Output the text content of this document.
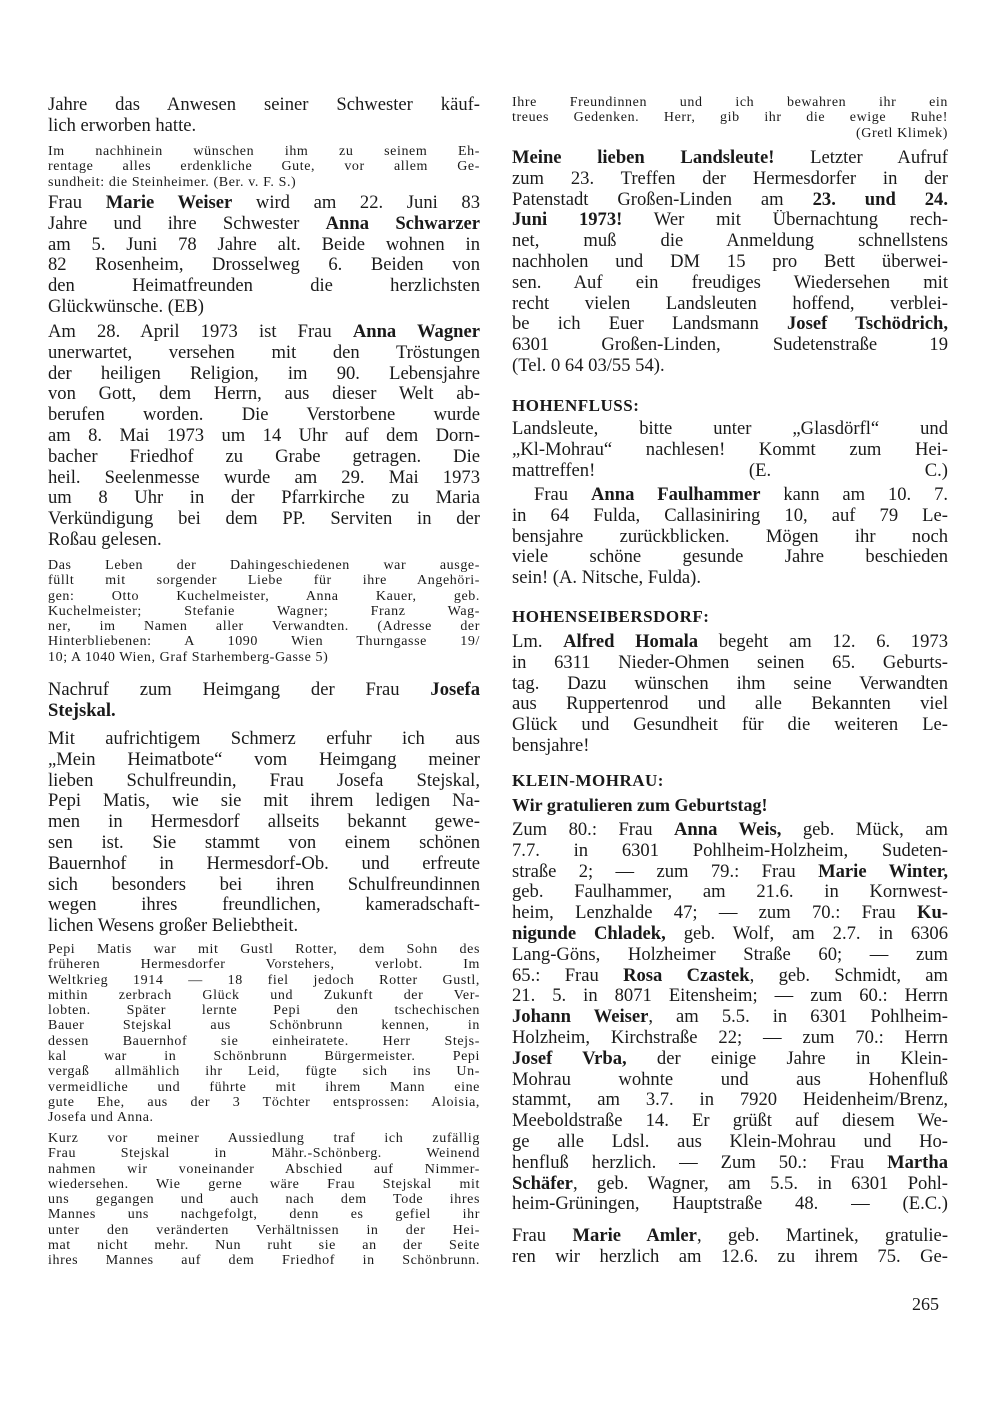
Jahre das Anwesen seiner Schwester käuf-
lich erworben hatte.
Im nachhinein wünschen ihm zu seinem Eh-
rentage alles erdenkliche Gute, vor allem Ge-
sundheit: die Steinheimer. (Ber. v. F. S.)
Frau Marie Weiser wird am 22. Juni 83
Jahre und ihre Schwester Anna Schwarzer
am 5. Juni 78 Jahre alt. Beide wohnen in
82 Rosenheim, Drosselweg 6. Beiden von
den Heimatfreunden die herzlichsten
Glückwünsche. (EB)
Am 28. April 1973 ist Frau Anna Wagner
unerwartet, versehen mit den Tröstungen
der heiligen Religion, im 90. Lebensjahre
von Gott, dem Herrn, aus dieser Welt ab-
berufen worden. Die Verstorbene wurde
am 8. Mai 1973 um 14 Uhr auf dem Dorn-
bacher Friedhof zu Grabe getragen. Die
heil. Seelenmesse wurde am 29. Mai 1973
um 8 Uhr in der Pfarrkirche zu Maria
Verkündigung bei dem PP. Serviten in der
Roßau gelesen.
Das Leben der Dahingeschiedenen war ausge-
füllt mit sorgender Liebe für ihre Angehöri-
gen: Otto Kuchelmeister, Anna Kauer, geb.
Kuchelmeister; Stefanie Wagner; Franz Wag-
ner, im Namen aller Verwandten. (Adresse der
Hinterbliebenen: A 1090 Wien Thurngasse 19/
10; A 1040 Wien, Graf Starhemberg-Gasse 5)
Nachruf zum Heimgang der Frau Josefa
Stejskal.
Mit aufrichtigem Schmerz erfuhr ich aus
„Mein Heimatbote“ vom Heimgang meiner
lieben Schulfreundin, Frau Josefa Stejskal,
Pepi Matis, wie sie mit ihrem ledigen Na-
men in Hermesdorf allseits bekannt gewe-
sen ist. Sie stammt von einem schönen
Bauernhof in Hermesdorf-Ob. und erfreute
sich besonders bei ihren Schulfreundinnen
wegen ihres freundlichen, kameradschaft-
lichen Wesens großer Beliebtheit.
Pepi Matis war mit Gustl Rotter, dem Sohn des
früheren Hermesdorfer Vorstehers, verlobt. Im
Weltkrieg 1914 — 18 fiel jedoch Rotter Gustl,
mithin zerbrach Glück und Zukunft der Ver-
lobten. Später lernte Pepi den tschechischen
Bauer Stejskal aus Schönbrunn kennen, in
dessen Bauernhof sie einheiratete. Herr Stejs-
kal war in Schönbrunn Bürgermeister. Pepi
vergaß allmählich ihr Leid, fügte sich ins Un-
vermeidliche und führte mit ihrem Mann eine
gute Ehe, aus der 3 Töchter entsprossen: Aloisia,
Josefa und Anna.
Kurz vor meiner Aussiedlung traf ich zufällig
Frau Stejskal in Mähr.-Schönberg. Weinend
nahmen wir voneinander Abschied auf Nimmer-
wiedersehen. Wie gerne wäre Frau Stejskal mit
uns gegangen und auch nach dem Tode ihres
Mannes uns nachgefolgt, denn es gefiel ihr
unter den veränderten Verhältnissen in der Hei-
mat nicht mehr. Nun ruht sie an der Seite
ihres Mannes auf dem Friedhof in Schönbrunn.
Ihre Freundinnen und ich bewahren ihr ein
treues Gedenken. Herr, gib ihr die ewige Ruhe!
(Gretl Klimek)
Meine lieben Landsleute! Letzter Aufruf
zum 23. Treffen der Hermesdorfer in der
Patenstadt Großen-Linden am 23. und 24.
Juni 1973! Wer mit Übernachtung rech-
net, muß die Anmeldung schnellstens
nachholen und DM 15 pro Bett überwei-
sen. Auf ein freudiges Wiedersehen mit
recht vielen Landsleuten hoffend, verblei-
be ich Euer Landsmann Josef Tschödrich,
6301 Großen-Linden, Sudetenstraße 19
(Tel. 0 64 03/55 54).
HOHENFLUSS:
Landsleute, bitte unter „Glasdörfl“ und
„Kl-Mohrau“ nachlesen! Kommt zum Hei-
mattreffen! (E. C.)
Frau Anna Faulhammer kann am 10. 7.
in 64 Fulda, Callasiniring 10, auf 79 Le-
bensjahre zurückblicken. Mögen ihr noch
viele schöne gesunde Jahre beschieden
sein! (A. Nitsche, Fulda).
HOHENSEIBERSDORF:
Lm. Alfred Homala begeht am 12. 6. 1973
in 6311 Nieder-Ohmen seinen 65. Geburts-
tag. Dazu wünschen ihm seine Verwandten
aus Ruppertenrod und alle Bekannten viel
Glück und Gesundheit für die weiteren Le-
bensjahre!
KLEIN-MOHRAU:
Wir gratulieren zum Geburtstag!
Zum 80.: Frau Anna Weis, geb. Mück, am
7.7. in 6301 Pohlheim-Holzheim, Sudeten-
straße 2; — zum 79.: Frau Marie Winter,
geb. Faulhammer, am 21.6. in Kornwest-
heim, Lenzhalde 47; — zum 70.: Frau Ku-
nigunde Chladek, geb. Wolf, am 2.7. in 6306
Lang-Göns, Holzheimer Straße 60; — zum
65.: Frau Rosa Czastek, geb. Schmidt, am
21. 5. in 8071 Eitensheim; — zum 60.: Herrn
Johann Weiser, am 5.5. in 6301 Pohlheim-
Holzheim, Kirchstraße 22; — zum 70.: Herrn
Josef Vrba, der einige Jahre in Klein-
Mohrau wohnte und aus Hohenfluß
stammt, am 3.7. in 7920 Heidenheim/Brenz,
Meeboldstraße 14. Er grüßt auf diesem We-
ge alle Ldsl. aus Klein-Mohrau und Ho-
henfluß herzlich. — Zum 50.: Frau Martha
Schäfer, geb. Wagner, am 5.5. in 6301 Pohl-
heim-Grüningen, Hauptstraße 48. — (E.C.)
Frau Marie Amler, geb. Martinek, gratulie-
ren wir herzlich am 12.6. zu ihrem 75. Ge-
265
